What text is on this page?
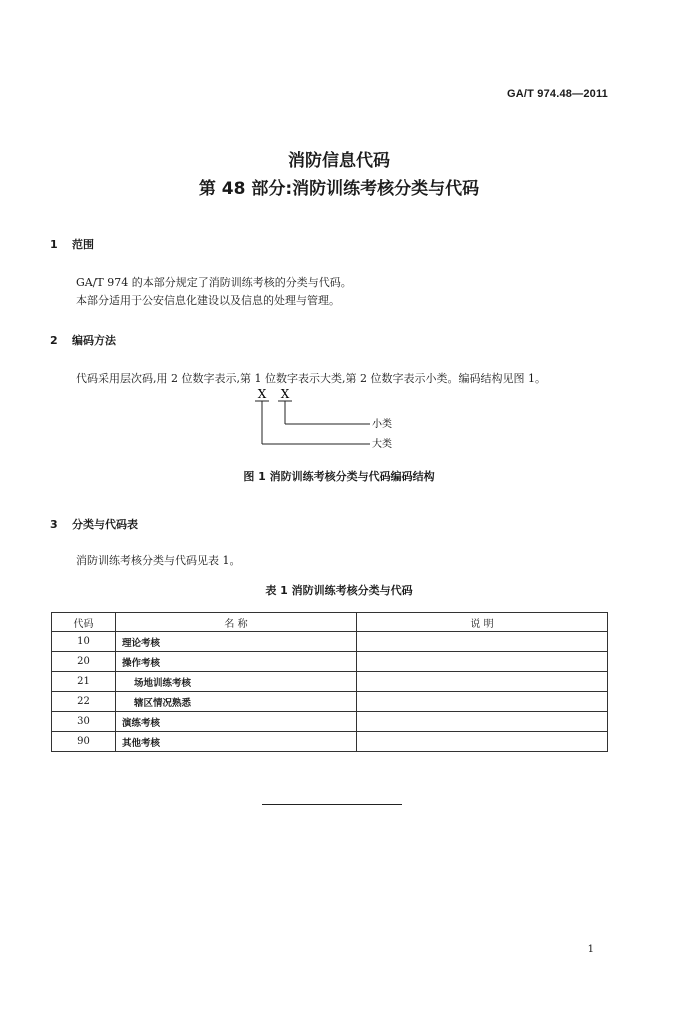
GA/T 974.48—2011
消防信息代码
第 48 部分:消防训练考核分类与代码
1 范围
GA/T 974 的本部分规定了消防训练考核的分类与代码。
本部分适用于公安信息化建设以及信息的处理与管理。
2 编码方法
代码采用层次码,用 2 位数字表示,第 1 位数字表示大类,第 2 位数字表示小类。编码结构见图 1。
X X
小类
大类
图 1 消防训练考核分类与代码编码结构
3 分类与代码表
消防训练考核分类与代码见表 1。
表 1 消防训练考核分类与代码
代码	名 称	说 明
10	理论考核	
20	操作考核	
21	场地训练考核	
22	辖区情况熟悉	
30	演练考核	
90	其他考核	
1
